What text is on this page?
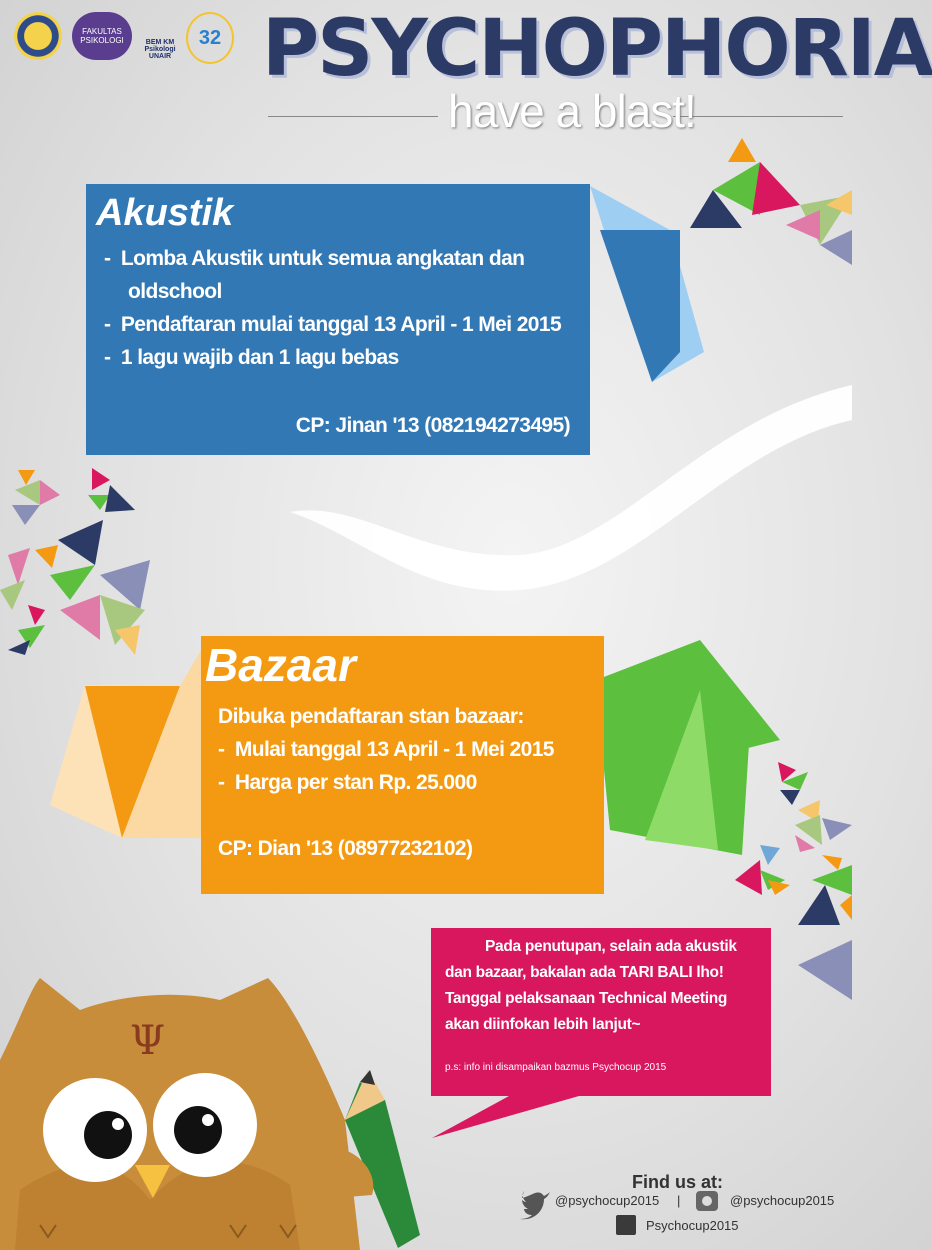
FAKULTAS PSIKOLOGI	BEM KM Psikologi UNAIR
32 PSYCHOPHORIA
have a blast!
Akustik
-  Lomba Akustik untuk semua angkatan dan
oldschool
-  Pendaftaran mulai tanggal 13 April - 1 Mei 2015
-  1 lagu wajib dan 1 lagu bebas
CP: Jinan '13 (082194273495)
Bazaar
Dibuka pendaftaran stan bazaar:
-  Mulai tanggal 13 April - 1 Mei 2015
-  Harga per stan Rp. 25.000
CP: Dian '13 (08977232102)
Pada penutupan, selain ada akustik
dan bazaar, bakalan ada TARI BALI lho!
Tanggal pelaksanaan Technical Meeting
akan diinfokan lebih lanjut~
p.s: info ini disampaikan bazmus Psychocup 2015
Ψ
Find us at:
@psychocup2015 |	@psychocup2015
Psychocup2015
